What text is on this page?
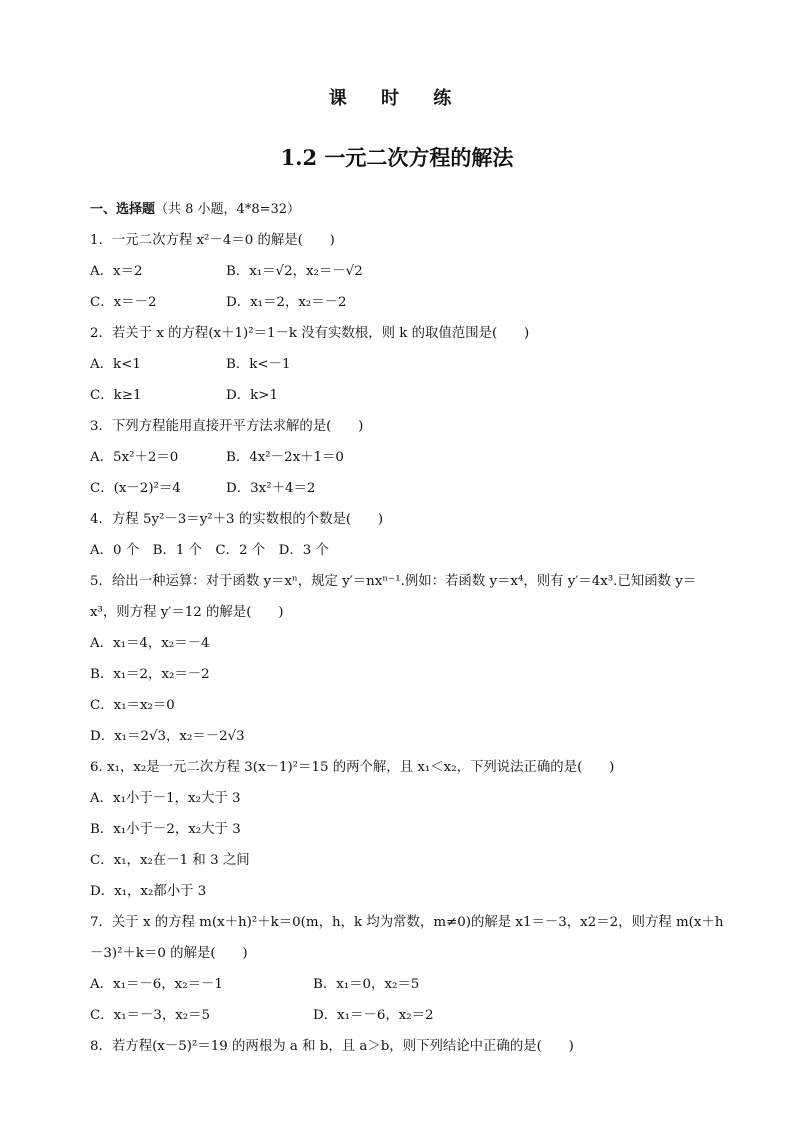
课 时 练
1.2 一元二次方程的解法
一、选择题（共 8 小题，4*8=32）
1．一元二次方程 x²－4＝0 的解是(　　)
A．x＝2	B．x₁＝√2，x₂＝－√2
C．x＝－2	D．x₁＝2，x₂＝－2
2．若关于 x 的方程(x＋1)²＝1－k 没有实数根，则 k 的取值范围是(　　)
A．k<1	B．k<－1
C．k≥1	D．k>1
3．下列方程能用直接开平方法求解的是(　　)
A．5x²＋2＝0	B．4x²－2x＋1＝0
C．(x－2)²＝4	D．3x²＋4＝2
4．方程 5y²－3＝y²＋3 的实数根的个数是(　　)
A．0 个　B．1 个　C．2 个　D．3 个
5．给出一种运算：对于函数 y＝xⁿ，规定 y′＝nxⁿ⁻¹.例如：若函数 y＝x⁴，则有 y′＝4x³.已知函数 y＝
x³，则方程 y′＝12 的解是(　　)
A．x₁＝4，x₂＝－4
B．x₁＝2，x₂＝－2
C．x₁＝x₂＝0
D．x₁＝2√3，x₂＝－2√3
6. x₁，x₂是一元二次方程 3(x－1)²＝15 的两个解，且 x₁＜x₂，下列说法正确的是(　　)
A．x₁小于－1，x₂大于 3
B．x₁小于－2，x₂大于 3
C．x₁，x₂在－1 和 3 之间
D．x₁，x₂都小于 3
7．关于 x 的方程 m(x＋h)²＋k＝0(m，h，k 均为常数，m≠0)的解是 x1＝－3，x2＝2，则方程 m(x＋h
－3)²＋k＝0 的解是(　　)
A．x₁＝－6，x₂＝－1	B．x₁＝0，x₂＝5
C．x₁＝－3，x₂＝5	D．x₁＝－6，x₂＝2
8．若方程(x－5)²＝19 的两根为 a 和 b，且 a＞b，则下列结论中正确的是(　　)
